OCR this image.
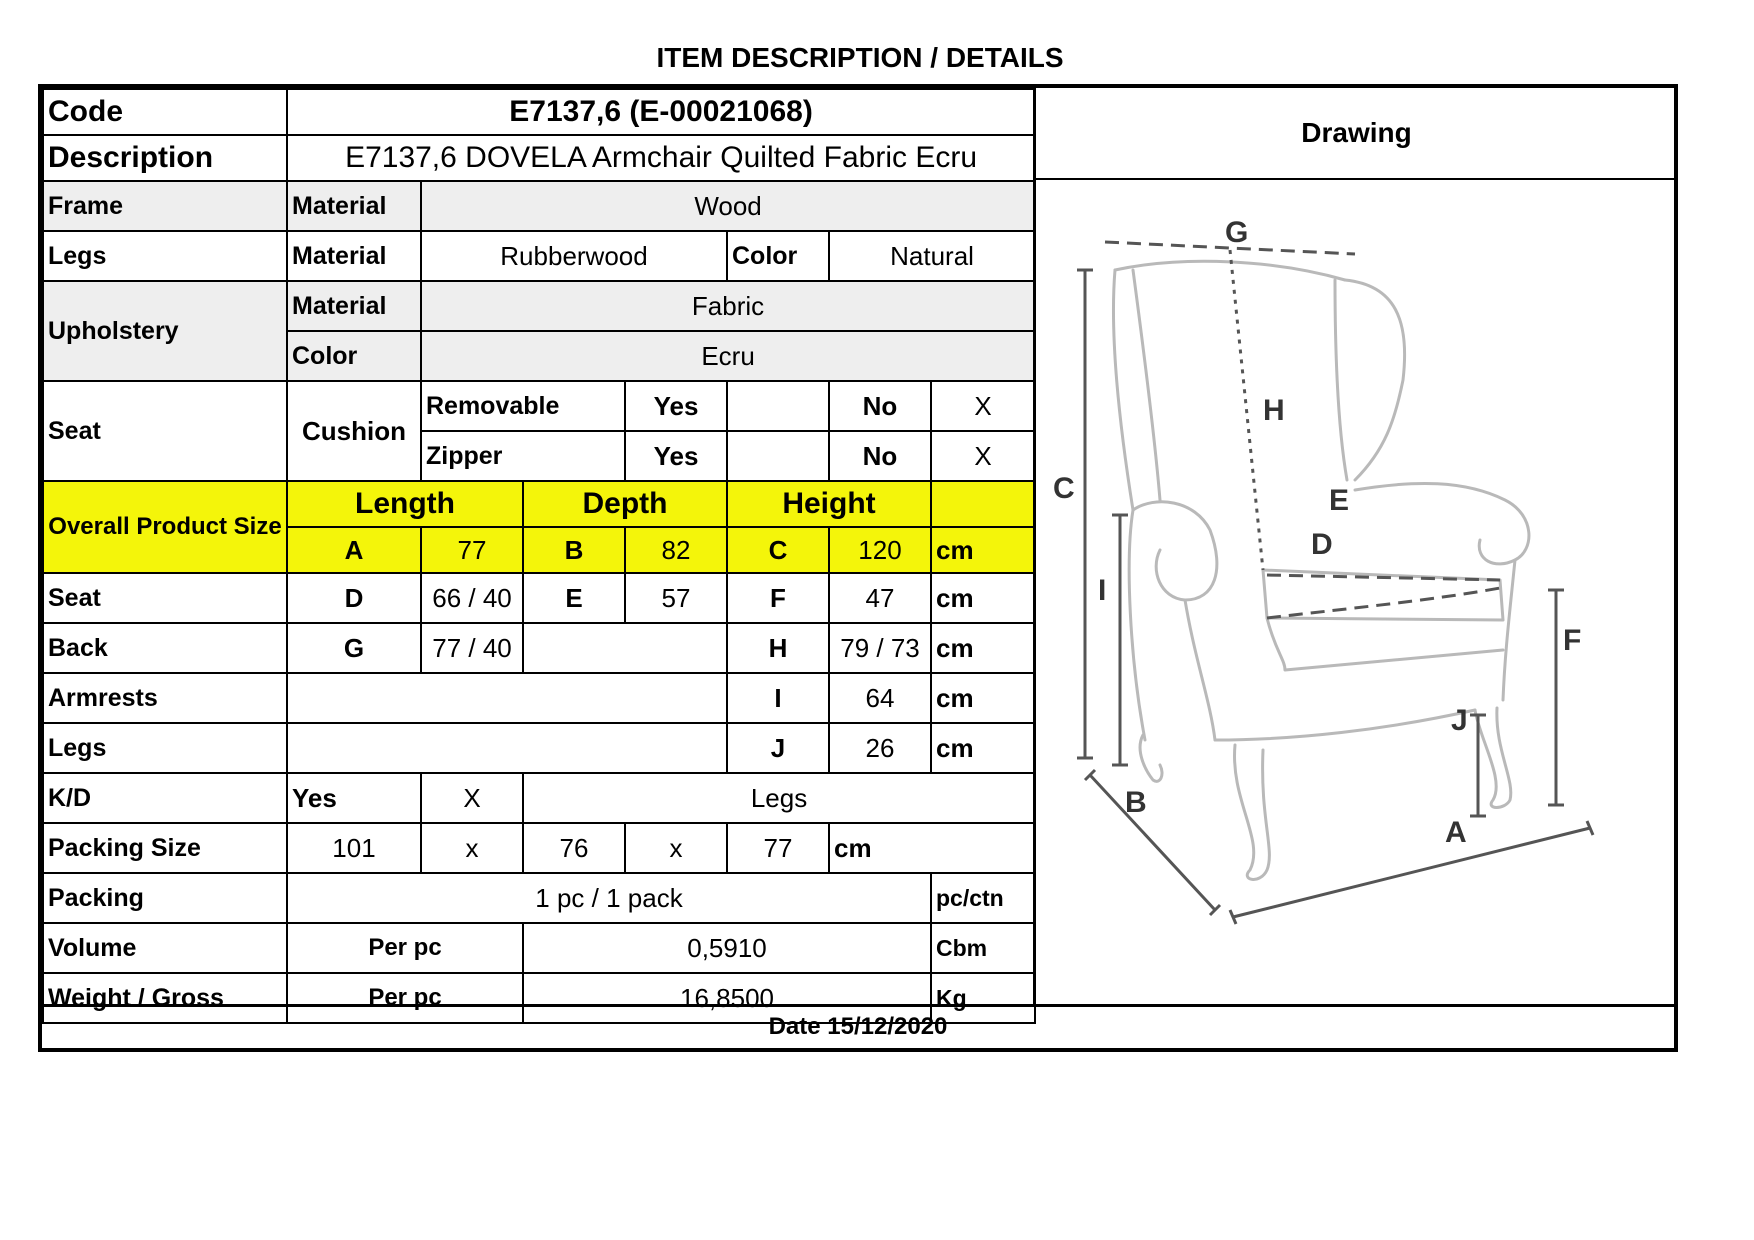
ITEM DESCRIPTION / DETAILS
Code	E7137,6 (E-00021068)						
Description	E7137,6 DOVELA Armchair Quilted Fabric Ecru						
Frame	Material	Wood					
Legs	Material	Rubberwood			Color	Natural	
Upholstery	Material	Fabric					
	Color	Ecru					
Seat	Cushion	Removable		Yes		No	X
		Zipper		Yes		No	X
Overall Product Size	Length		Depth		Height		
	A	77	B	82	C	120	cm
Seat	D	66 / 40	E	57	F	47	cm
Back	G	77 / 40			H	79 / 73	cm
Armrests					I	64	cm
Legs					J	26	cm
K/D	Yes	X	Legs				
Packing Size	101	x	76	x	77	cm	
Packing	1 pc / 1 pack						pc/ctn
Volume	Per pc		0,5910				Cbm
Weight / Gross	Per pc		16,8500				Kg
Drawing
G
H
C	E
D
I
F
J
B
A
Date 15/12/2020
